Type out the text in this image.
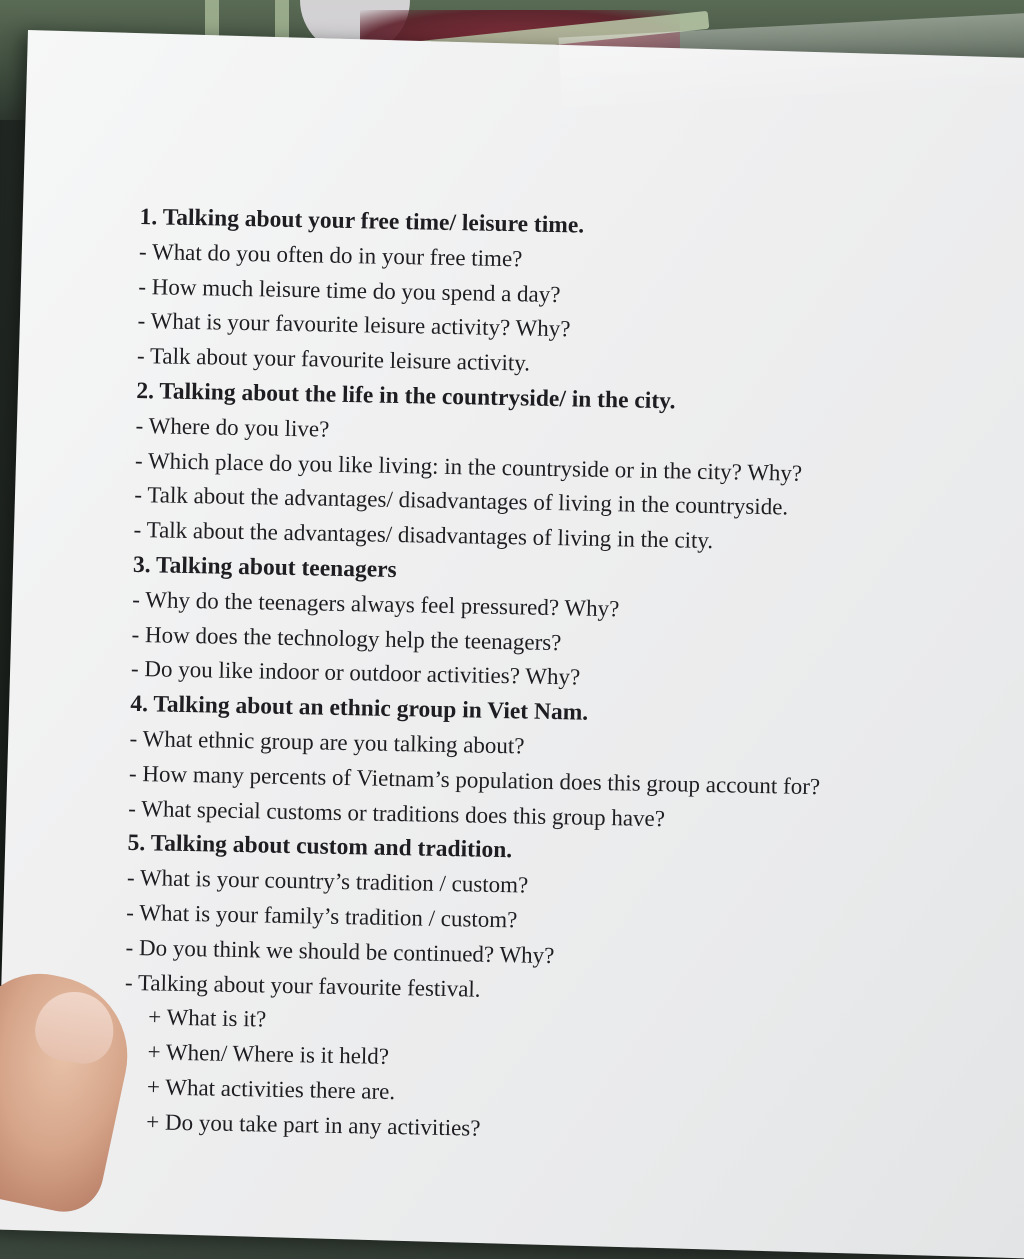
1. Talking about your free time/ leisure time.
- What do you often do in your free time?
- How much leisure time do you spend a day?
- What is your favourite leisure activity? Why?
- Talk about your favourite leisure activity.
2. Talking about the life in the countryside/ in the city.
- Where do you live?
- Which place do you like living: in the countryside or in the city? Why?
- Talk about the advantages/ disadvantages of living in the countryside.
- Talk about the advantages/ disadvantages of living in the city.
3. Talking about teenagers
- Why do the teenagers always feel pressured? Why?
- How does the technology help the teenagers?
- Do you like indoor or outdoor activities? Why?
4. Talking about an ethnic group in Viet Nam.
- What ethnic group are you talking about?
- How many percents of Vietnam’s population does this group account for?
- What special customs or traditions does this group have?
5. Talking about custom and tradition.
- What is your country’s tradition / custom?
- What is your family’s tradition / custom?
- Do you think we should be continued? Why?
- Talking about your favourite festival.
+ What is it?
+ When/ Where is it held?
+ What activities there are.
+ Do you take part in any activities?
